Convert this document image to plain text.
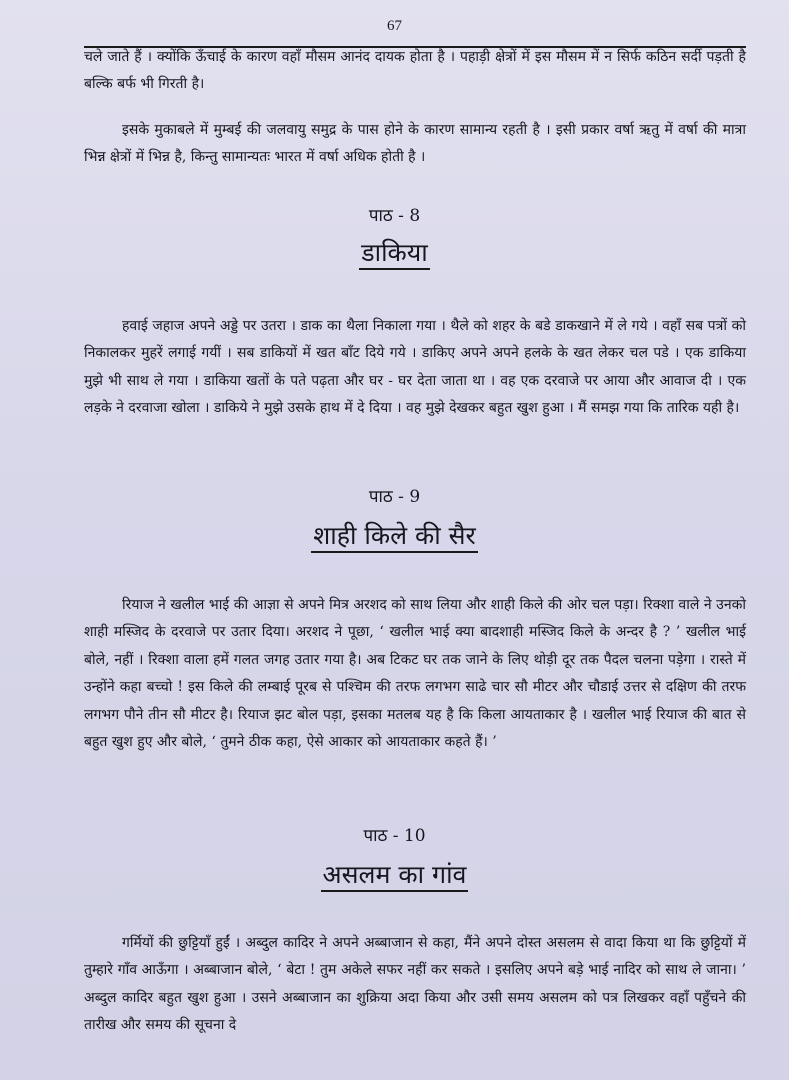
67

चले जाते हैं । क्योंकि ऊँचाई के कारण वहाँ मौसम आनंद दायक होता है । पहाड़ी क्षेत्रों में इस मौसम में न सिर्फ कठिन सर्दी पड़ती है बल्कि बर्फ भी गिरती है।

इसके मुकाबले में मुम्बई की जलवायु समुद्र के पास होने के कारण सामान्य रहती है । इसी प्रकार वर्षा ऋतु में वर्षा की मात्रा भिन्न क्षेत्रों में भिन्न है, किन्तु सामान्यतः भारत में वर्षा अधिक होती है ।

पाठ - 8
डाकिया

हवाई जहाज अपने अड्डे पर उतरा । डाक का थैला निकाला गया । थैले को शहर के बडे डाकखाने में ले गये । वहाँ सब पत्रों को निकालकर मुहरें लगाई गयीं । सब डाकियों में खत बाँट दिये गये । डाकिए अपने अपने हलके के खत लेकर चल पडे । एक डाकिया मुझे भी साथ ले गया । डाकिया खतों के पते पढ़ता और घर - घर देता जाता था । वह एक दरवाजे पर आया और आवाज दी । एक लड़के ने दरवाजा खोला । डाकिये ने मुझे उसके हाथ में दे दिया । वह मुझे देखकर बहुत खुश हुआ । मैं समझ गया कि तारिक यही है।

पाठ - 9
शाही किले की सैर

रियाज ने खलील भाई की आज्ञा से अपने मित्र अरशद को साथ लिया और शाही किले की ओर चल पड़ा। रिक्शा वाले ने उनको शाही मस्जिद के दरवाजे पर उतार दिया। अरशद ने पूछा, ‘ खलील भाई क्या बादशाही मस्जिद किले के अन्दर है ? ’ खलील भाई बोले, नहीं । रिक्शा वाला हमें गलत जगह उतार गया है। अब टिकट घर तक जाने के लिए थोड़ी दूर तक पैदल चलना पड़ेगा । रास्ते में उन्होंने कहा बच्चो ! इस किले की लम्बाई पूरब से पश्चिम की तरफ लगभग साढे चार सौ मीटर और चौडाई उत्तर से दक्षिण की तरफ लगभग पौने तीन सौ मीटर है। रियाज झट बोल पड़ा, इसका मतलब यह है कि किला आयताकार है । खलील भाई रियाज की बात से बहुत खुश हुए और बोले, ‘ तुमने ठीक कहा, ऐसे आकार को आयताकार कहते हैं। ’

पाठ - 10
असलम का गांव

गर्मियों की छुट्टियाँ हुईं । अब्दुल कादिर ने अपने अब्बाजान से कहा, मैंने अपने दोस्त असलम से वादा किया था कि छुट्टियों में तुम्हारे गाँव आऊँगा । अब्बाजान बोले, ‘ बेटा ! तुम अकेले सफर नहीं कर सकते । इसलिए अपने बड़े भाई नादिर को साथ ले जाना। ’ अब्दुल कादिर बहुत खुश हुआ । उसने अब्बाजान का शुक्रिया अदा किया और उसी समय असलम को पत्र लिखकर वहाँ पहुँचने की तारीख और समय की सूचना दे
